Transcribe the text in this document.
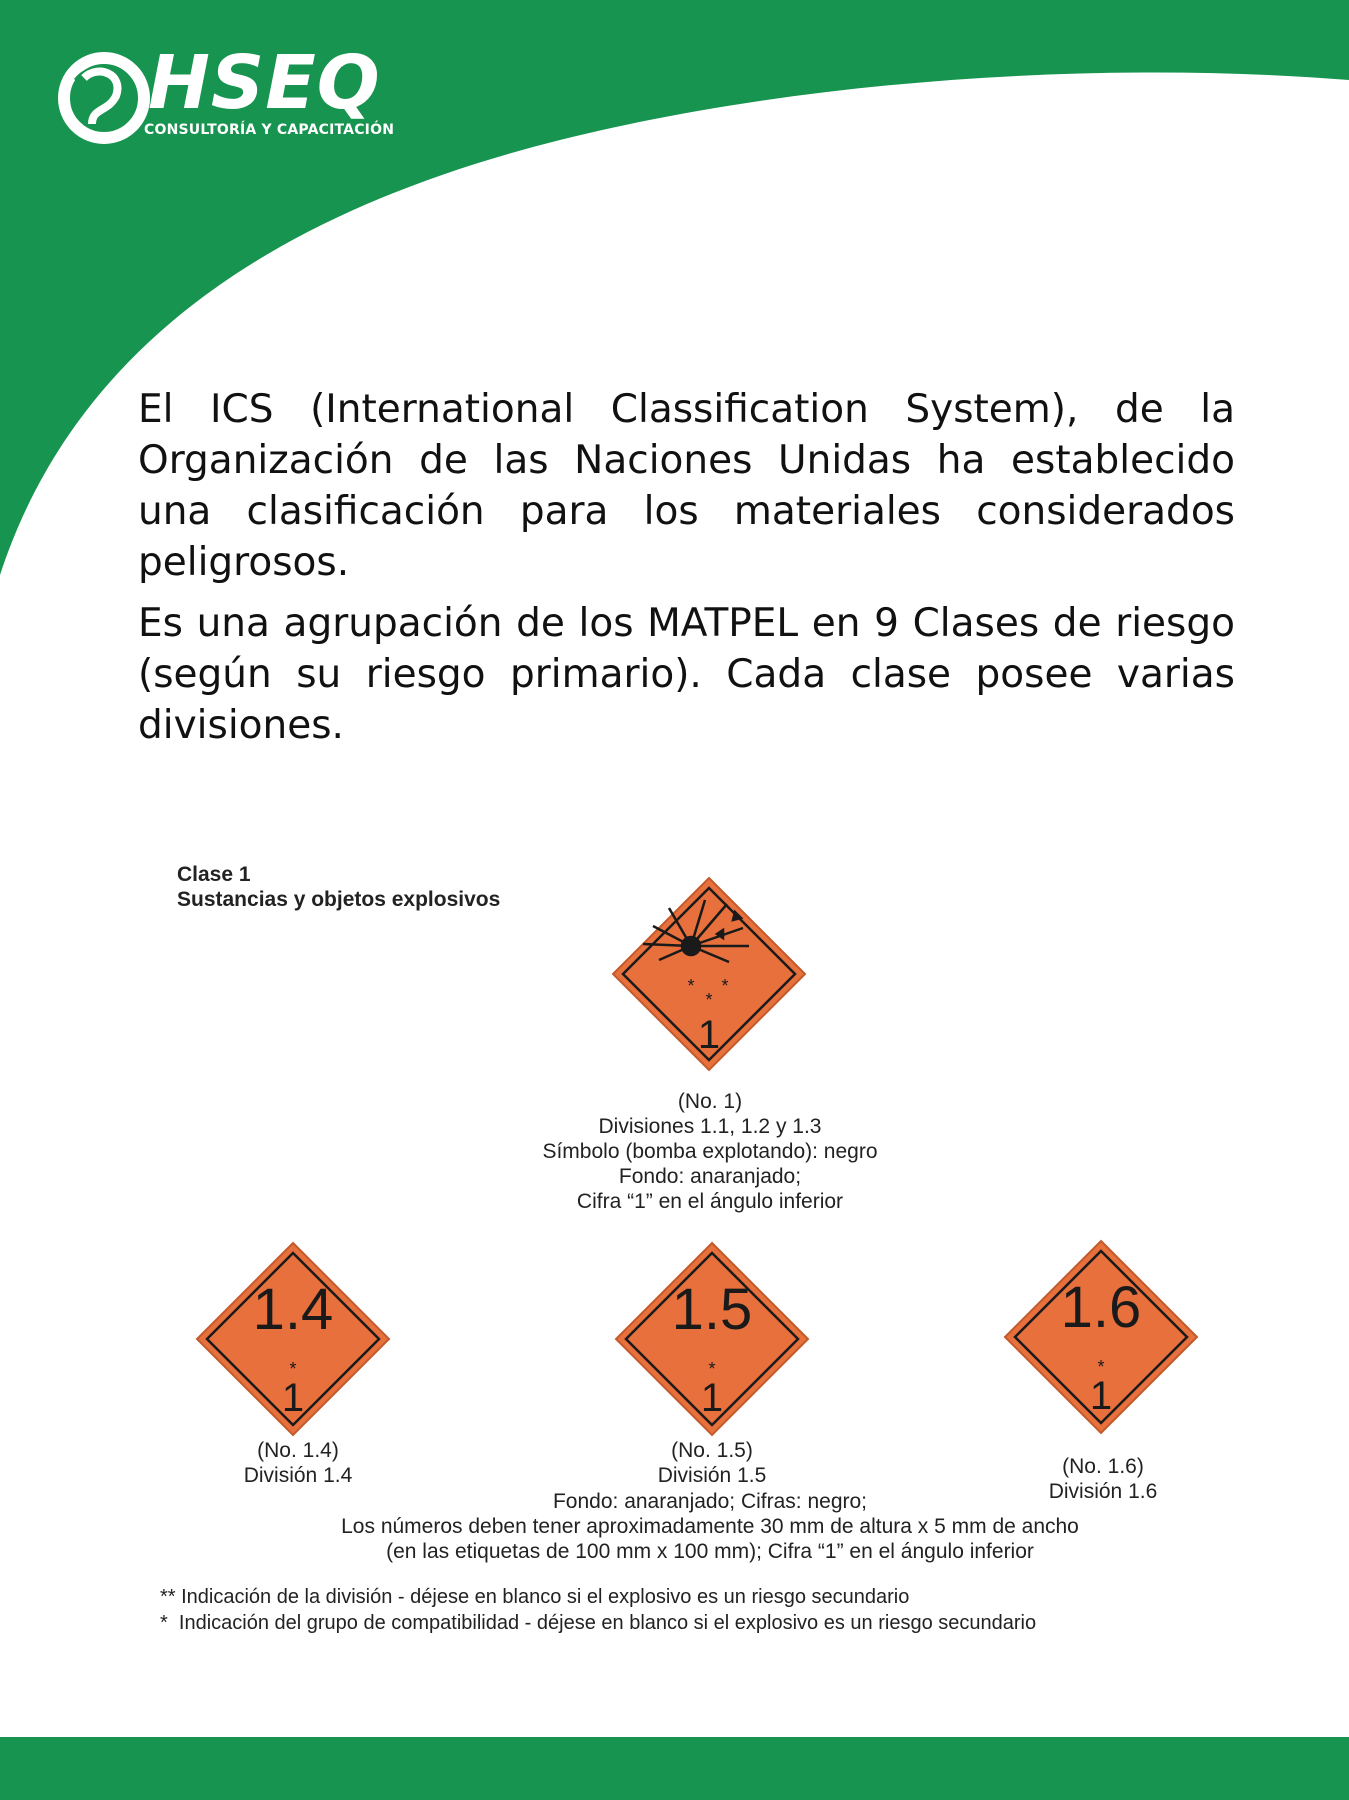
HSEQ
CONSULTORÍA Y CAPACITACIÓN

El ICS (International Classification System), de la Organización de las Naciones Unidas ha establecido una clasificación para los materiales considerados peligrosos.

Es una agrupación de los MATPEL en 9 Clases de riesgo (según su riesgo primario). Cada clase posee varias divisiones.

Clase 1
Sustancias y objetos explosivos
* *
*
1
(No. 1)
Divisiones 1.1, 1.2 y 1.3
Símbolo (bomba explotando): negro
Fondo: anaranjado;
Cifra “1” en el ángulo inferior
1.4
*
1
1.5
*
1
1.6
*
1
(No. 1.4)
División 1.4
(No. 1.5)
División 1.5	(No. 1.6)
División 1.6
Fondo: anaranjado; Cifras: negro;
Los números deben tener aproximadamente 30 mm de altura x 5 mm de ancho
(en las etiquetas de 100 mm x 100 mm); Cifra “1” en el ángulo inferior
** Indicación de la división - déjese en blanco si el explosivo es un riesgo secundario
*  Indicación del grupo de compatibilidad - déjese en blanco si el explosivo es un riesgo secundario
